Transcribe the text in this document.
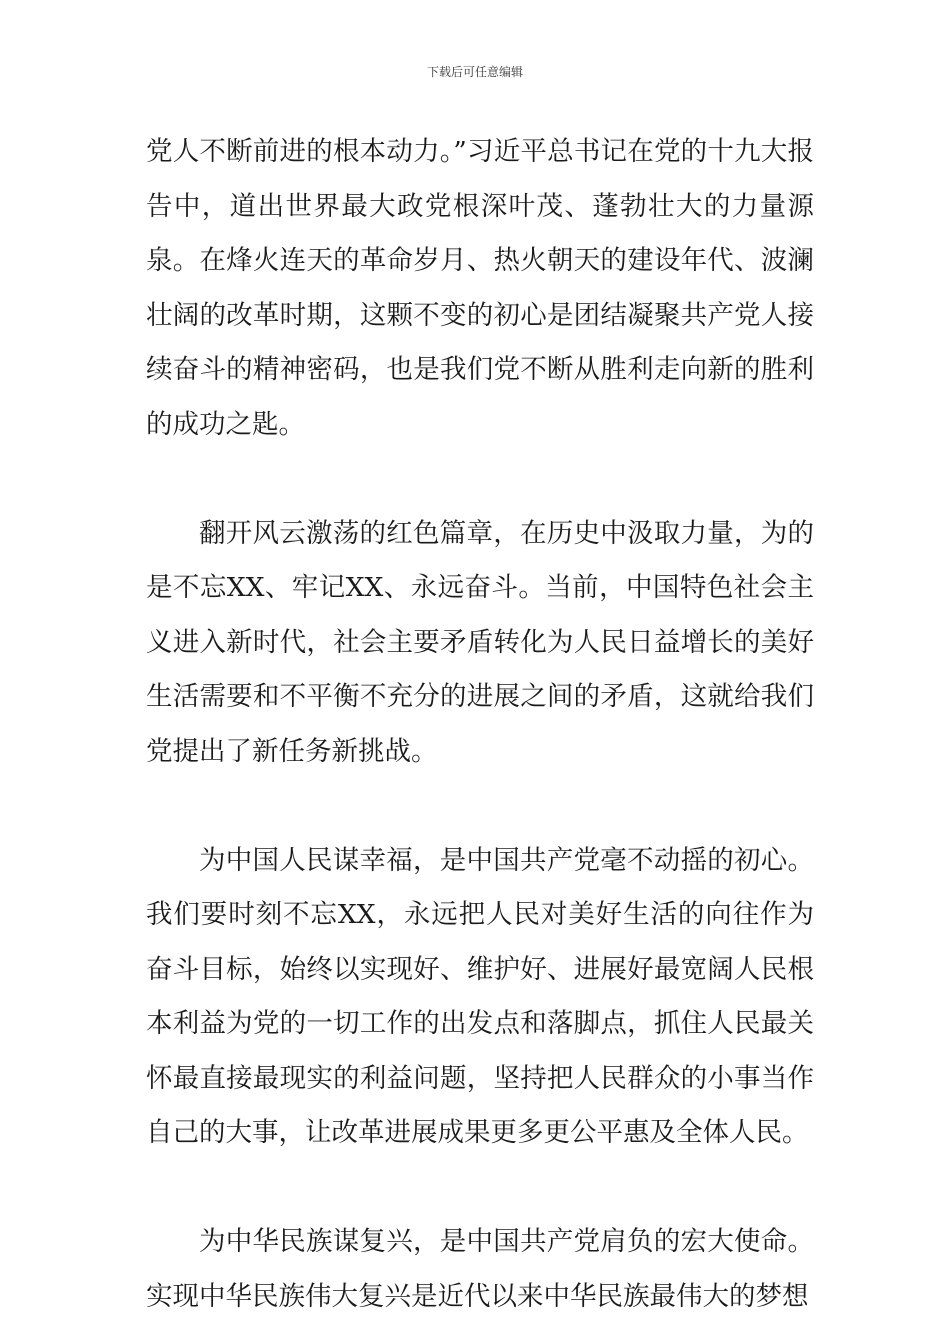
下载后可任意编辑

党人不断前进的根本动力。”习近平总书记在党的十九大报告中，道出世界最大政党根深叶茂、蓬勃壮大的力量源泉。在烽火连天的革命岁月、热火朝天的建设年代、波澜壮阔的改革时期，这颗不变的初心是团结凝聚共产党人接续奋斗的精神密码，也是我们党不断从胜利走向新的胜利的成功之匙。

翻开风云激荡的红色篇章，在历史中汲取力量，为的是不忘XX、牢记XX、永远奋斗。当前，中国特色社会主义进入新时代，社会主要矛盾转化为人民日益增长的美好生活需要和不平衡不充分的进展之间的矛盾，这就给我们党提出了新任务新挑战。

为中国人民谋幸福，是中国共产党毫不动摇的初心。我们要时刻不忘XX，永远把人民对美好生活的向往作为奋斗目标，始终以实现好、维护好、进展好最宽阔人民根本利益为党的一切工作的出发点和落脚点，抓住人民最关怀最直接最现实的利益问题，坚持把人民群众的小事当作自己的大事，让改革进展成果更多更公平惠及全体人民。

为中华民族谋复兴，是中国共产党肩负的宏大使命。实现中华民族伟大复兴是近代以来中华民族最伟大的梦想
